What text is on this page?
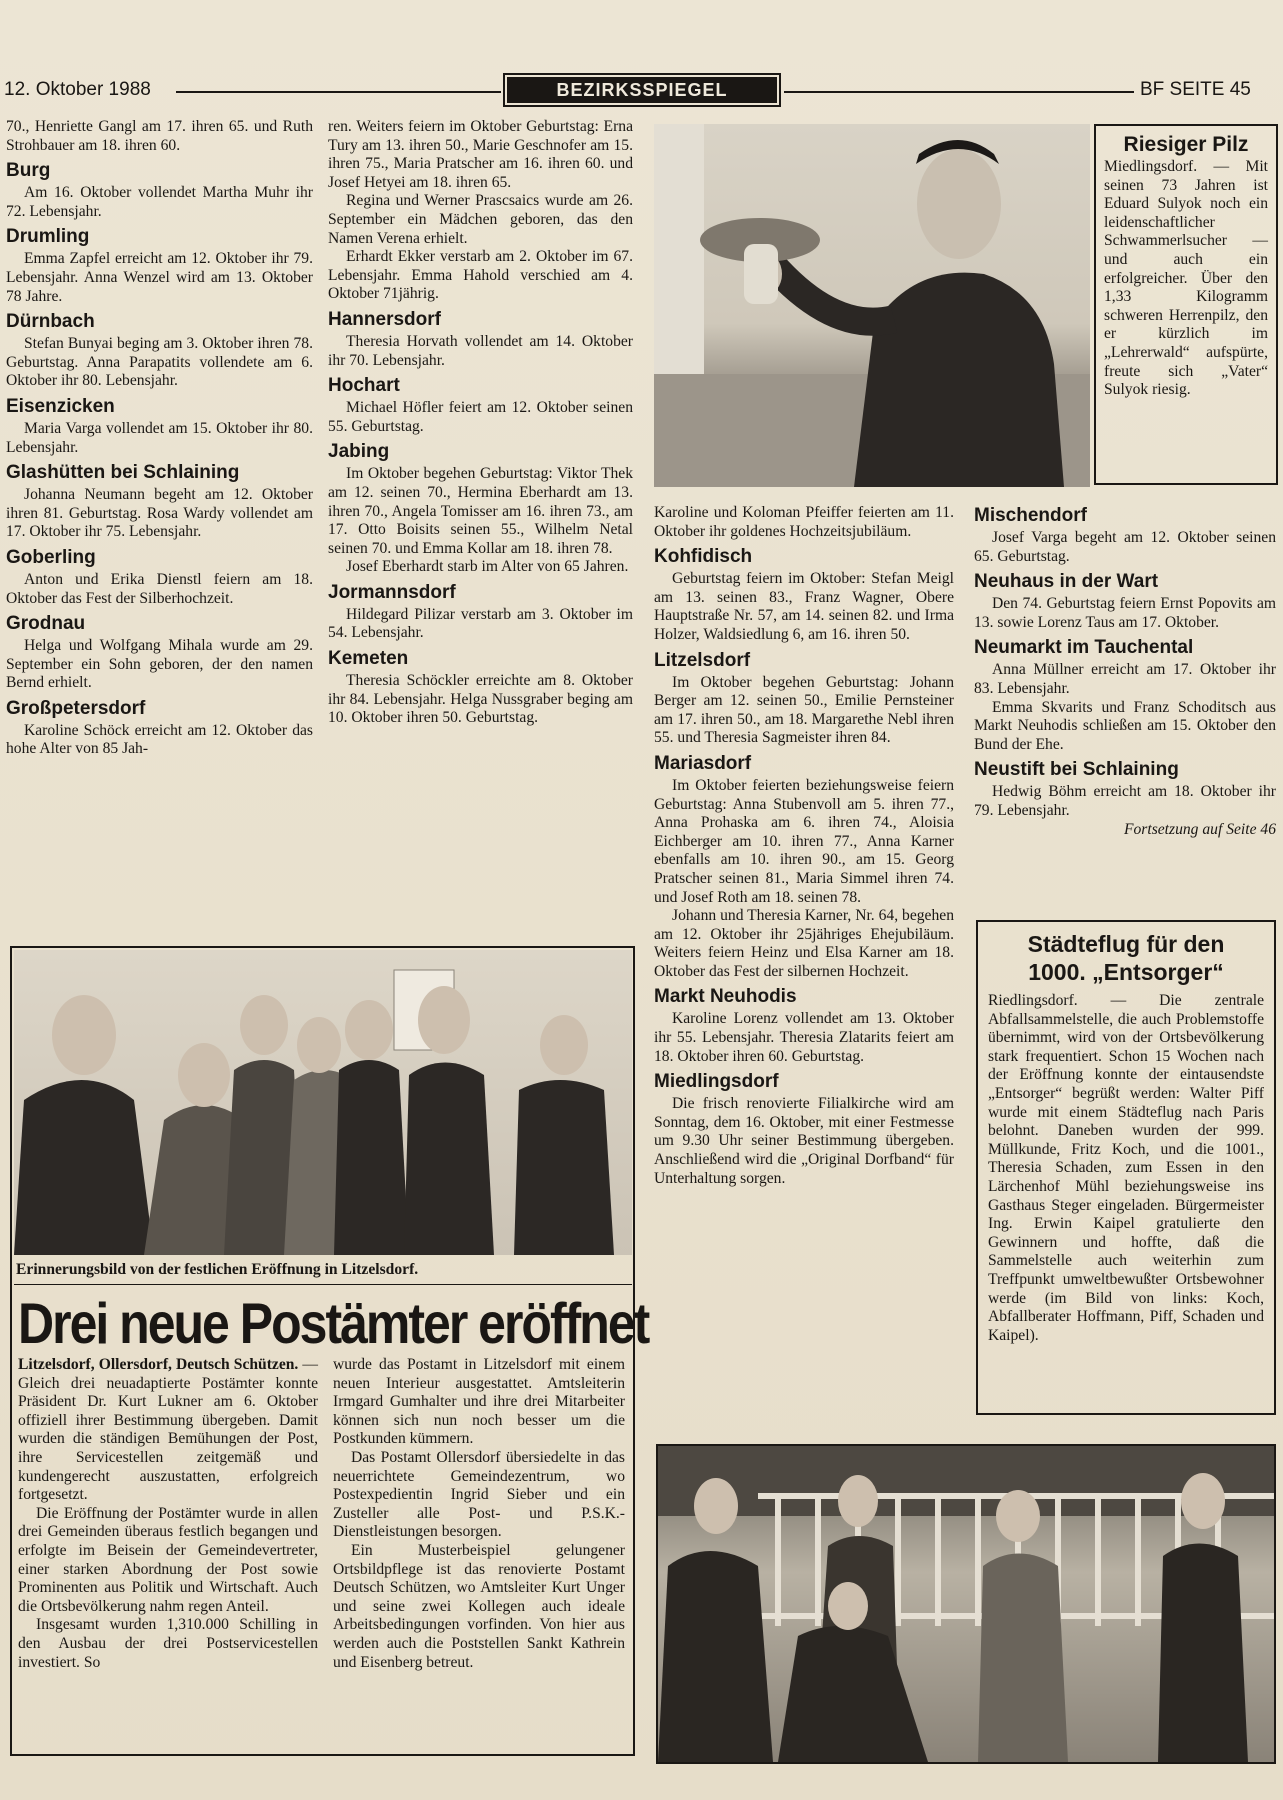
12. Oktober 1988	BEZIRKSSPIEGEL	BF SEITE 45

70., Henriette Gangl am 17. ihren 65. und Ruth Strohbauer am 18. ihren 60.

Burg

Am 16. Oktober vollendet Martha Muhr ihr 72. Lebensjahr.

Drumling

Emma Zapfel erreicht am 12. Oktober ihr 79. Lebensjahr. Anna Wenzel wird am 13. Oktober 78 Jahre.

Dürnbach

Stefan Bunyai beging am 3. Oktober ihren 78. Geburtstag. Anna Parapatits vollendete am 6. Oktober ihr 80. Lebensjahr.

Eisenzicken

Maria Varga vollendet am 15. Oktober ihr 80. Lebensjahr.

Glashütten bei Schlaining

Johanna Neumann begeht am 12. Oktober ihren 81. Geburtstag. Rosa Wardy vollendet am 17. Oktober ihr 75. Lebensjahr.

Goberling

Anton und Erika Dienstl feiern am 18. Oktober das Fest der Silberhochzeit.

Grodnau

Helga und Wolfgang Mihala wurde am 29. September ein Sohn geboren, der den namen Bernd erhielt.

Großpetersdorf

Karoline Schöck erreicht am 12. Oktober das hohe Alter von 85 Jah-

ren. Weiters feiern im Oktober Geburtstag: Erna Tury am 13. ihren 50., Marie Geschnofer am 15. ihren 75., Maria Pratscher am 16. ihren 60. und Josef Hetyei am 18. ihren 65.

Regina und Werner Prascsaics wurde am 26. September ein Mädchen geboren, das den Namen Verena erhielt.

Erhardt Ekker verstarb am 2. Oktober im 67. Lebensjahr. Emma Hahold verschied am 4. Oktober 71jährig.

Hannersdorf

Theresia Horvath vollendet am 14. Oktober ihr 70. Lebensjahr.

Hochart

Michael Höfler feiert am 12. Oktober seinen 55. Geburtstag.

Jabing

Im Oktober begehen Geburtstag: Viktor Thek am 12. seinen 70., Hermina Eberhardt am 13. ihren 70., Angela Tomisser am 16. ihren 73., am 17. Otto Boisits seinen 55., Wilhelm Netal seinen 70. und Emma Kollar am 18. ihren 78.

Josef Eberhardt starb im Alter von 65 Jahren.

Jormannsdorf

Hildegard Pilizar verstarb am 3. Oktober im 54. Lebensjahr.

Kemeten

Theresia Schöckler erreichte am 8. Oktober ihr 84. Lebensjahr. Helga Nussgraber beging am 10. Oktober ihren 50. Geburtstag.

Riesiger Pilz
Miedlingsdorf. — Mit seinen 73 Jahren ist Eduard Sulyok noch ein leidenschaftlicher Schwammerlsucher — und auch ein erfolgreicher. Über den 1,33 Kilogramm schweren Herrenpilz, den er kürzlich im „Lehrerwald“ aufspürte, freute sich „Vater“ Sulyok riesig.

Karoline und Koloman Pfeiffer feierten am 11. Oktober ihr goldenes Hochzeitsjubiläum.

Kohfidisch

Geburtstag feiern im Oktober: Stefan Meigl am 13. seinen 83., Franz Wagner, Obere Hauptstraße Nr. 57, am 14. seinen 82. und Irma Holzer, Waldsiedlung 6, am 16. ihren 50.

Litzelsdorf

Im Oktober begehen Geburtstag: Johann Berger am 12. seinen 50., Emilie Pernsteiner am 17. ihren 50., am 18. Margarethe Nebl ihren 55. und Theresia Sagmeister ihren 84.

Mariasdorf

Im Oktober feierten beziehungsweise feiern Geburtstag: Anna Stubenvoll am 5. ihren 77., Anna Prohaska am 6. ihren 74., Aloisia Eichberger am 10. ihren 77., Anna Karner ebenfalls am 10. ihren 90., am 15. Georg Pratscher seinen 81., Maria Simmel ihren 74. und Josef Roth am 18. seinen 78.

Johann und Theresia Karner, Nr. 64, begehen am 12. Oktober ihr 25jähriges Ehejubiläum. Weiters feiern Heinz und Elsa Karner am 18. Oktober das Fest der silbernen Hochzeit.

Markt Neuhodis

Karoline Lorenz vollendet am 13. Oktober ihr 55. Lebensjahr. Theresia Zlatarits feiert am 18. Oktober ihren 60. Geburtstag.

Miedlingsdorf

Die frisch renovierte Filialkirche wird am Sonntag, dem 16. Oktober, mit einer Festmesse um 9.30 Uhr seiner Bestimmung übergeben. Anschließend wird die „Original Dorfband“ für Unterhaltung sorgen.

Mischendorf

Josef Varga begeht am 12. Oktober seinen 65. Geburtstag.

Neuhaus in der Wart

Den 74. Geburtstag feiern Ernst Popovits am 13. sowie Lorenz Taus am 17. Oktober.

Neumarkt im Tauchental

Anna Müllner erreicht am 17. Oktober ihr 83. Lebensjahr.

Emma Skvarits und Franz Schoditsch aus Markt Neuhodis schließen am 15. Oktober den Bund der Ehe.

Neustift bei Schlaining

Hedwig Böhm erreicht am 18. Oktober ihr 79. Lebensjahr.

Fortsetzung auf Seite 46
Städteflug für den
1000. „Entsorger“
Riedlingsdorf. — Die zentrale Abfallsammelstelle, die auch Problemstoffe übernimmt, wird von der Ortsbevölkerung stark frequentiert. Schon 15 Wochen nach der Eröffnung konnte der eintausendste „Entsorger“ begrüßt werden: Walter Piff wurde mit einem Städteflug nach Paris belohnt. Daneben wurden der 999. Müllkunde, Fritz Koch, und die 1001., Theresia Schaden, zum Essen in den Lärchenhof Mühl beziehungsweise ins Gasthaus Steger eingeladen. Bürgermeister Ing. Erwin Kaipel gratulierte den Gewinnern und hoffte, daß die Sammelstelle auch weiterhin zum Treffpunkt umweltbewußter Ortsbewohner werde (im Bild von links: Koch, Abfallberater Hoffmann, Piff, Schaden und Kaipel).
Erinnerungsbild von der festlichen Eröffnung in Litzelsdorf.
Drei neue Postämter eröffnet

Litzelsdorf, Ollersdorf, Deutsch Schützen. — Gleich drei neuadaptierte Postämter konnte Präsident Dr. Kurt Lukner am 6. Oktober offiziell ihrer Bestimmung übergeben. Damit wurden die ständigen Bemühungen der Post, ihre Servicestellen zeitgemäß und kundengerecht auszustatten, erfolgreich fortgesetzt.

Die Eröffnung der Postämter wurde in allen drei Gemeinden überaus festlich begangen und erfolgte im Beisein der Gemeindevertreter, einer starken Abordnung der Post sowie Prominenten aus Politik und Wirtschaft. Auch die Ortsbevölkerung nahm regen Anteil.

Insgesamt wurden 1,310.000 Schilling in den Ausbau der drei Postservicestellen investiert. So

wurde das Postamt in Litzelsdorf mit einem neuen Interieur ausgestattet. Amtsleiterin Irmgard Gumhalter und ihre drei Mitarbeiter können sich nun noch besser um die Postkunden kümmern.

Das Postamt Ollersdorf übersiedelte in das neuerrichtete Gemeindezentrum, wo Postexpedientin Ingrid Sieber und ein Zusteller alle Post- und P.S.K.-Dienstleistungen besorgen.

Ein Musterbeispiel gelungener Ortsbildpflege ist das renovierte Postamt Deutsch Schützen, wo Amtsleiter Kurt Unger und seine zwei Kollegen auch ideale Arbeitsbedingungen vorfinden. Von hier aus werden auch die Poststellen Sankt Kathrein und Eisenberg betreut.
